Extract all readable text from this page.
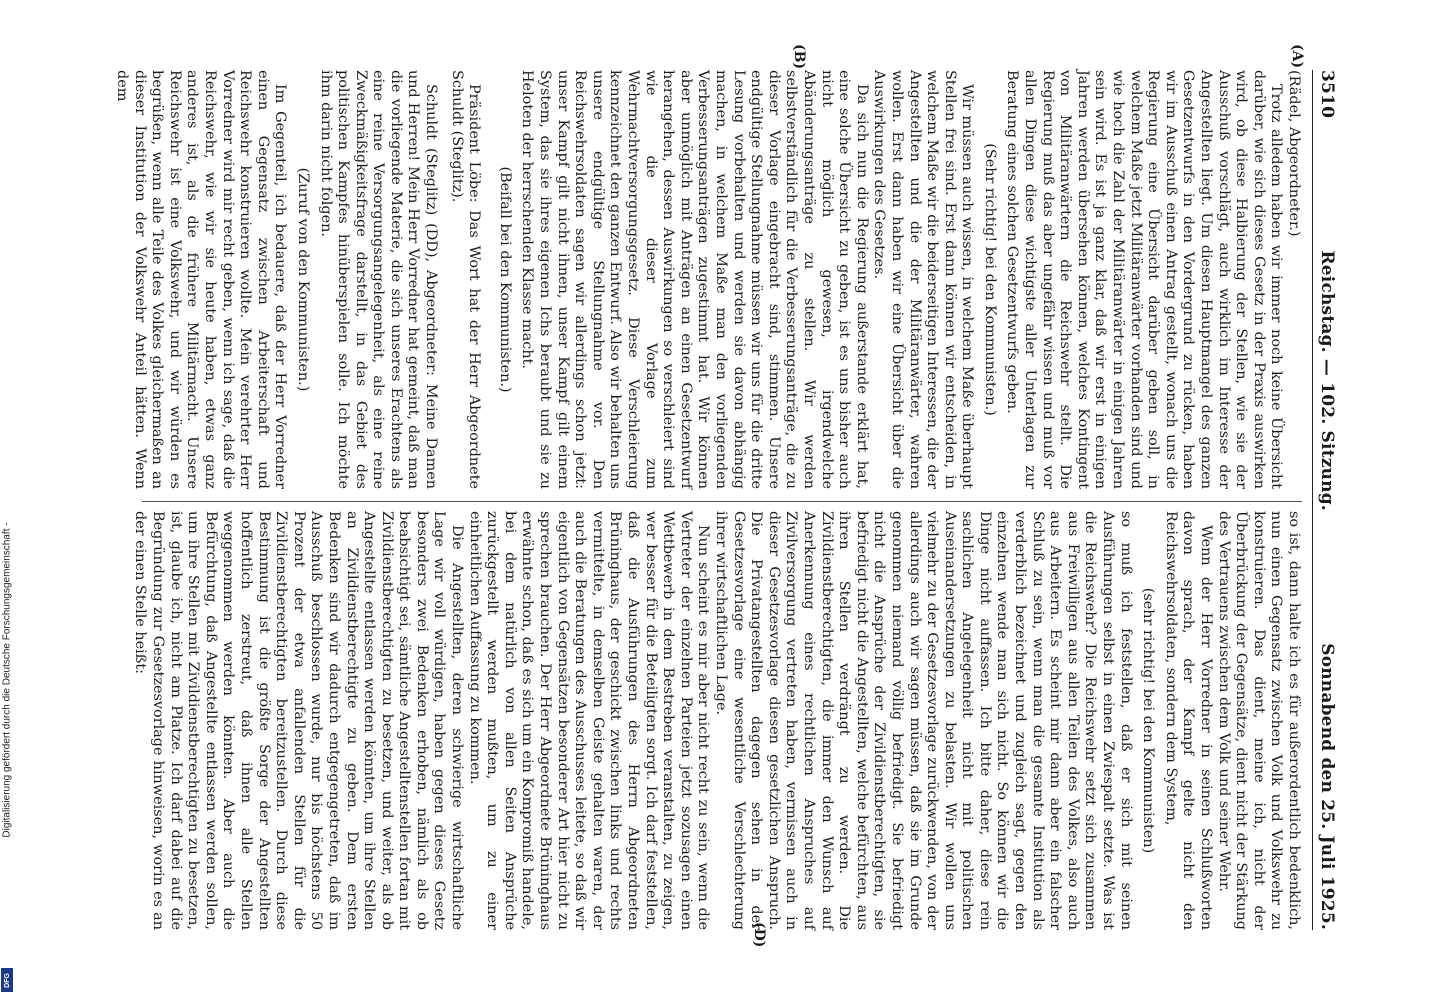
3510
Reichstag. — 102. Sitzung.
Sonnabend den 25. Juli 1925.

(Rädel, Abgeordneter.)

Trotz alledem haben wir immer noch keine Übersicht darüber, wie sich dieses Gesetz in der Praxis auswirken wird, ob diese Halbierung der Stellen, wie sie der Ausschuß vorschlägt, auch wirklich im Interesse der Angestellten liegt. Um diesen Hauptmangel des ganzen Gesetzentwurfs in den Vordergrund zu rücken, haben wir im Ausschuß einen Antrag gestellt, wonach uns die Regierung eine Übersicht darüber geben soll, in welchem Maße jetzt Militäranwärter vorhanden sind und wie hoch die Zahl der Militäranwärter in einigen Jahren sein wird. Es ist ja ganz klar, daß wir erst in einigen Jahren werden übersehen können, welches Kontingent von Militäranwärtern die Reichswehr stellt. Die Regierung muß das aber ungefähr wissen und muß vor allen Dingen diese wichtigste aller Unterlagen zur Beratung eines solchen Gesetzentwurfs geben.

(Sehr richtig! bei den Kommunisten.)

Wir müssen auch wissen, in welchem Maße überhaupt Stellen frei sind. Erst dann können wir entscheiden, in welchem Maße wir die beiderseitigen Interessen, die der Angestellten und die der Militäranwärter, wahren wollen. Erst dann haben wir eine Übersicht über die Auswirkungen des Gesetzes.

Da sich nun die Regierung außerstande erklärt hat, eine solche Übersicht zu geben, ist es uns bisher auch nicht möglich gewesen, irgendwelche Abänderungsanträge zu stellen. Wir werden selbstverständlich für die Verbesserungsanträge, die zu dieser Vorlage eingebracht sind, stimmen. Unsere endgültige Stellungnahme müssen wir uns für die dritte Lesung vorbehalten und werden sie davon abhängig machen, in welchem Maße man den vorliegenden Verbesserungsanträgen zugestimmt hat. Wir können aber unmöglich mit Anträgen an einen Gesetzentwurf herangehen, dessen Auswirkungen so verschleiert sind wie die dieser Vorlage zum Wehrmachtversorgungsgesetz. Diese Verschleierung kennzeichnet den ganzen Entwurf. Also wir behalten uns unsere endgültige Stellungnahme vor. Den Reichswehrsoldaten sagen wir allerdings schon jetzt: unser Kampf gilt nicht ihnen, unser Kampf gilt einem System, das sie ihres eigenen Ichs beraubt und sie zu Heloten der herrschenden Klasse macht.

(Beifall bei den Kommunisten.)

Präsident Löbe: Das Wort hat der Herr Abgeordnete Schuldt (Steglitz).

Schuldt (Steglitz) (DD), Abgeordneter: Meine Damen und Herren! Mein Herr Vorredner hat gemeint, daß man die vorliegende Materie, die sich unseres Erachtens als eine reine Versorgungsangelegenheit, als eine reine Zweckmäßigkeitsfrage darstellt, in das Gebiet des politischen Kampfes hinüberspielen solle. Ich möchte ihm darin nicht folgen.

(Zuruf von den Kommunisten.)

Im Gegenteil, ich bedauere, daß der Herr Vorredner einen Gegensatz zwischen Arbeiterschaft und Reichswehr konstruieren wollte. Mein verehrter Herr Vorredner wird mir recht geben, wenn ich sage, daß die Reichswehr, wie wir sie heute haben, etwas ganz anderes ist, als die frühere Militärmacht. Unsere Reichswehr ist eine Volkswehr, und wir würden es begrüßen, wenn alle Teile des Volkes gleichermaßen an dieser Institution der Volkswehr Anteil hätten. Wenn dem

so ist, dann halte ich es für außerordentlich bedenklich, nun einen Gegensatz zwischen Volk und Volkswehr zu konstruieren. Das dient, meine ich, nicht der Überbrückung der Gegensätze, dient nicht der Stärkung des Vertrauens zwischen dem Volk und seiner Wehr.

Wenn der Herr Vorredner in seinen Schlußworten davon sprach, der Kampf gelte nicht den Reichswehrsoldaten, sondern dem System,

(sehr richtig! bei den Kommunisten)

so muß ich feststellen, daß er sich mit seinen Ausführungen selbst in einen Zwiespalt setzte. Was ist die Reichswehr? Die Reichswehr setzt sich zusammen aus Freiwilligen aus allen Teilen des Volkes, also auch aus Arbeitern. Es scheint mir dann aber ein falscher Schluß zu sein, wenn man die gesamte Institution als verderblich bezeichnet und zugleich sagt, gegen den einzelnen wende man sich nicht. So können wir die Dinge nicht auffassen. Ich bitte daher, diese rein sachlichen Angelegenheit nicht mit politischen Auseinandersetzungen zu belasten. Wir wollen uns vielmehr zu der Gesetzesvorlage zurückwenden, von der allerdings auch wir sagen müssen, daß sie im Grunde genommen niemand völlig befriedigt. Sie befriedigt nicht die Ansprüche der Zivildienstberechtigten, sie befriedigt nicht die Angestellten, welche befürchten, aus ihren Stellen verdrängt zu werden. Die Zivildienstberechtigten, die immer den Wunsch auf Anerkennung eines rechtlichen Anspruches auf Zivilversorgung vertreten haben, vermissen auch in dieser Gesetzesvorlage diesen gesetzlichen Anspruch. Die Privatangestellten dagegen sehen in der Gesetzesvorlage eine wesentliche Verschlechterung ihrer wirtschaftlichen Lage.

Nun scheint es mir aber nicht recht zu sein, wenn die Vertreter der einzelnen Parteien jetzt sozusagen einen Wettbewerb in dem Bestreben veranstalten, zu zeigen, wer besser für die Beteiligten sorgt. Ich darf feststellen, daß die Ausführungen des Herrn Abgeordneten Brüninghaus, der geschickt zwischen links und rechts vermittelte, in demselben Geiste gehalten waren, der auch die Beratungen des Ausschusses leitete, so daß wir eigentlich von Gegensätzen besonderer Art hier nicht zu sprechen brauchen. Der Herr Abgeordnete Brüninghaus erwähnte schon, daß es sich um ein Kompromiß handele, bei dem natürlich von allen Seiten Ansprüche zurückgestellt werden mußten, um zu einer einheitlichen Auffassung zu kommen.

Die Angestellten, deren schwierige wirtschaftliche Lage wir voll würdigen, haben gegen dieses Gesetz besonders zwei Bedenken erhoben, nämlich als ob beabsichtigt sei, sämtliche Angestelltenstellen fortan mit Zivildienstberechtigten zu besetzen, und weiter, als ob Angestellte entlassen werden könnten, um ihre Stellen an Zivildienstberechtigte zu geben. Dem ersten Bedenken sind wir dadurch entgegengetreten, daß im Ausschuß beschlossen wurde, nur bis höchstens 50 Prozent der etwa anfallenden Stellen für die Zivildienstberechtigten bereitzustellen. Durch diese Bestimmung ist die größte Sorge der Angestellten hoffentlich zerstreut, daß ihnen alle Stellen weggenommen werden könnten. Aber auch die Befürchtung, daß Angestellte entlassen werden sollen, um ihre Stellen mit Zivildienstberechtigten zu besetzen, ist, glaube ich, nicht am Platze. Ich darf dabei auf die Begründung zur Gesetzesvorlage hinweisen, worin es an der einen Stelle heißt:

(A)
(B)
(D)
Digitalisierung gefördert durch die Deutsche Forschungsgemeinschaft -
DFG
